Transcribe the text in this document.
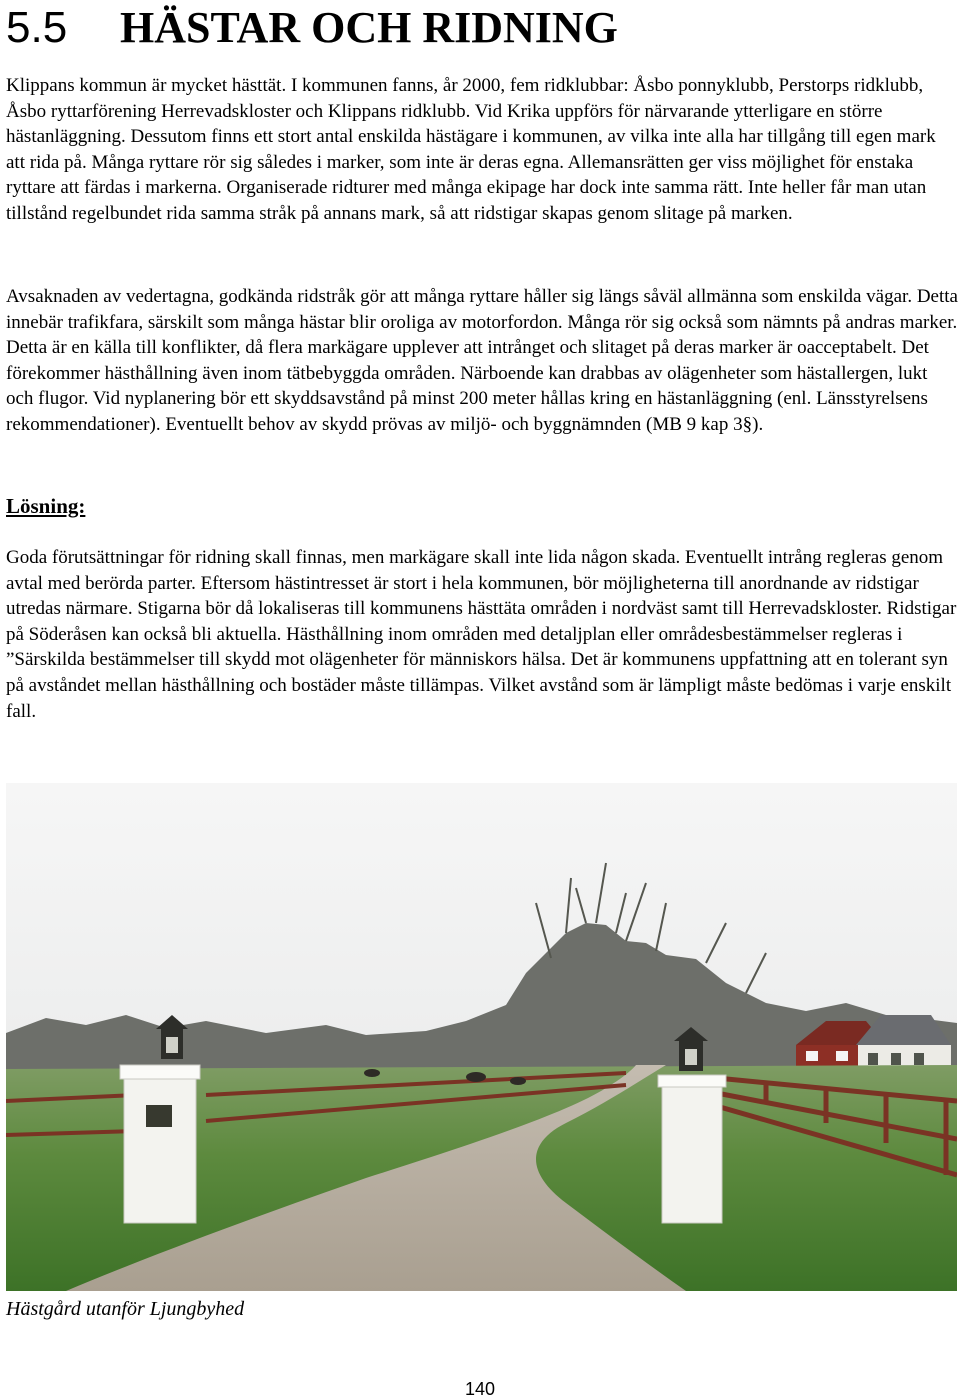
5.5 HÄSTAR OCH RIDNING

Klippans kommun är mycket hästtät. I kommunen fanns, år 2000, fem ridklubbar: Åsbo ponnyklubb, Perstorps ridklubb, Åsbo ryttarförening Herrevadskloster och Klippans ridklubb. Vid Krika uppförs för närvarande ytterligare en större hästanläggning. Dessutom finns ett stort antal enskilda hästägare i kommunen, av vilka inte alla har tillgång till egen mark att rida på. Många ryttare rör sig således i marker, som inte är deras egna. Allemansrätten ger viss möjlighet för enstaka ryttare att färdas i markerna. Organiserade ridturer med många ekipage har dock inte samma rätt. Inte heller får man utan tillstånd regelbundet rida samma stråk på annans mark, så att ridstigar skapas genom slitage på marken.

Avsaknaden av vedertagna, godkända ridstråk gör att många ryttare håller sig längs såväl allmänna som enskilda vägar. Detta innebär trafikfara, särskilt som många hästar blir oroliga av motorfordon. Många rör sig också som nämnts på andras marker. Detta är en källa till konflikter, då flera markägare upplever att intrånget och slitaget på deras marker är oacceptabelt. Det förekommer hästhållning även inom tätbebyggda områden. Närboende kan drabbas av olägenheter som hästallergen, lukt och flugor. Vid nyplanering bör ett skyddsavstånd på minst 200 meter hållas kring en hästanläggning (enl. Länsstyrelsens rekommendationer). Eventuellt behov av skydd prövas av miljö- och byggnämnden (MB 9 kap 3§).

Lösning:

Goda förutsättningar för ridning skall finnas, men markägare skall inte lida någon skada. Eventuellt intrång regleras genom avtal med berörda parter. Eftersom hästintresset är stort i hela kommunen, bör möjligheterna till anordnande av ridstigar utredas närmare. Stigarna bör då lokaliseras till kommunens hästtäta områden i nordväst samt till Herrevadskloster. Ridstigar på Söderåsen kan också bli aktuella. Hästhållning inom områden med detaljplan eller områdesbestämmelser regleras i ”Särskilda bestämmelser till skydd mot olägenheter för människors hälsa. Det är kommunens uppfattning att en tolerant syn på avståndet mellan hästhållning och bostäder måste tillämpas. Vilket avstånd som är lämpligt måste bedömas i varje enskilt fall.

Hästgård utanför Ljungbyhed

140
